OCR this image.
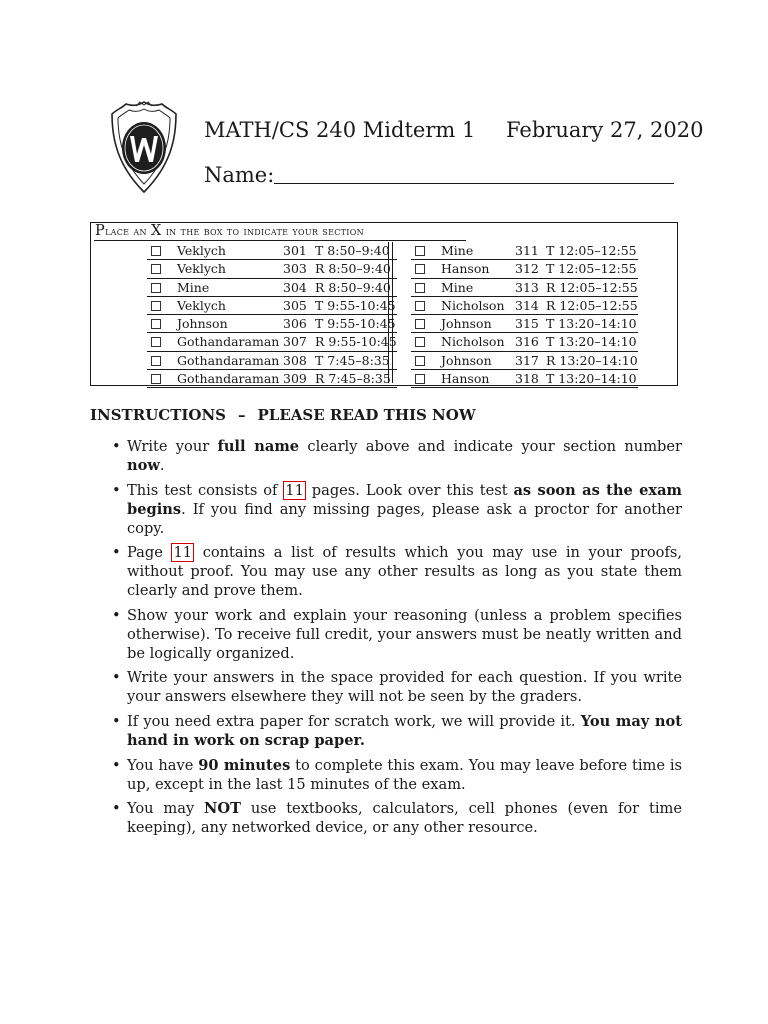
MATH/CS 240 Midterm 1 February 27, 2020
Name:
Place an X in the box to indicate your section
	Veklych	301	T 8:50–9:40
	Veklych	303	R 8:50–9:40
	Mine	304	R 8:50–9:40
	Veklych	305	T 9:55-10:45
	Johnson	306	T 9:55-10:45
	Gothandaraman	307	R 9:55-10:45
	Gothandaraman	308	T 7:45–8:35
	Gothandaraman	309	R 7:45–8:35
	Mine	311	T 12:05–12:55
	Hanson	312	T 12:05–12:55
	Mine	313	R 12:05–12:55
	Nicholson	314	R 12:05–12:55
	Johnson	315	T 13:20–14:10
	Nicholson	316	T 13:20–14:10
	Johnson	317	R 13:20–14:10
	Hanson	318	T 13:20–14:10
INSTRUCTIONS – PLEASE READ THIS NOW
• Write your full name clearly above and indicate your section number now.
• This test consists of 11 pages. Look over this test as soon as the exam begins. If you find any missing pages, please ask a proctor for another copy.
• Page 11 contains a list of results which you may use in your proofs, without proof. You may use any other results as long as you state them clearly and prove them.
• Show your work and explain your reasoning (unless a problem specifies otherwise). To receive full credit, your answers must be neatly written and be logically organized.
• Write your answers in the space provided for each question. If you write your answers elsewhere they will not be seen by the graders.
• If you need extra paper for scratch work, we will provide it. You may not hand in work on scrap paper.
• You have 90 minutes to complete this exam. You may leave before time is up, except in the last 15 minutes of the exam.
• You may NOT use textbooks, calculators, cell phones (even for time keeping), any networked device, or any other resource.
